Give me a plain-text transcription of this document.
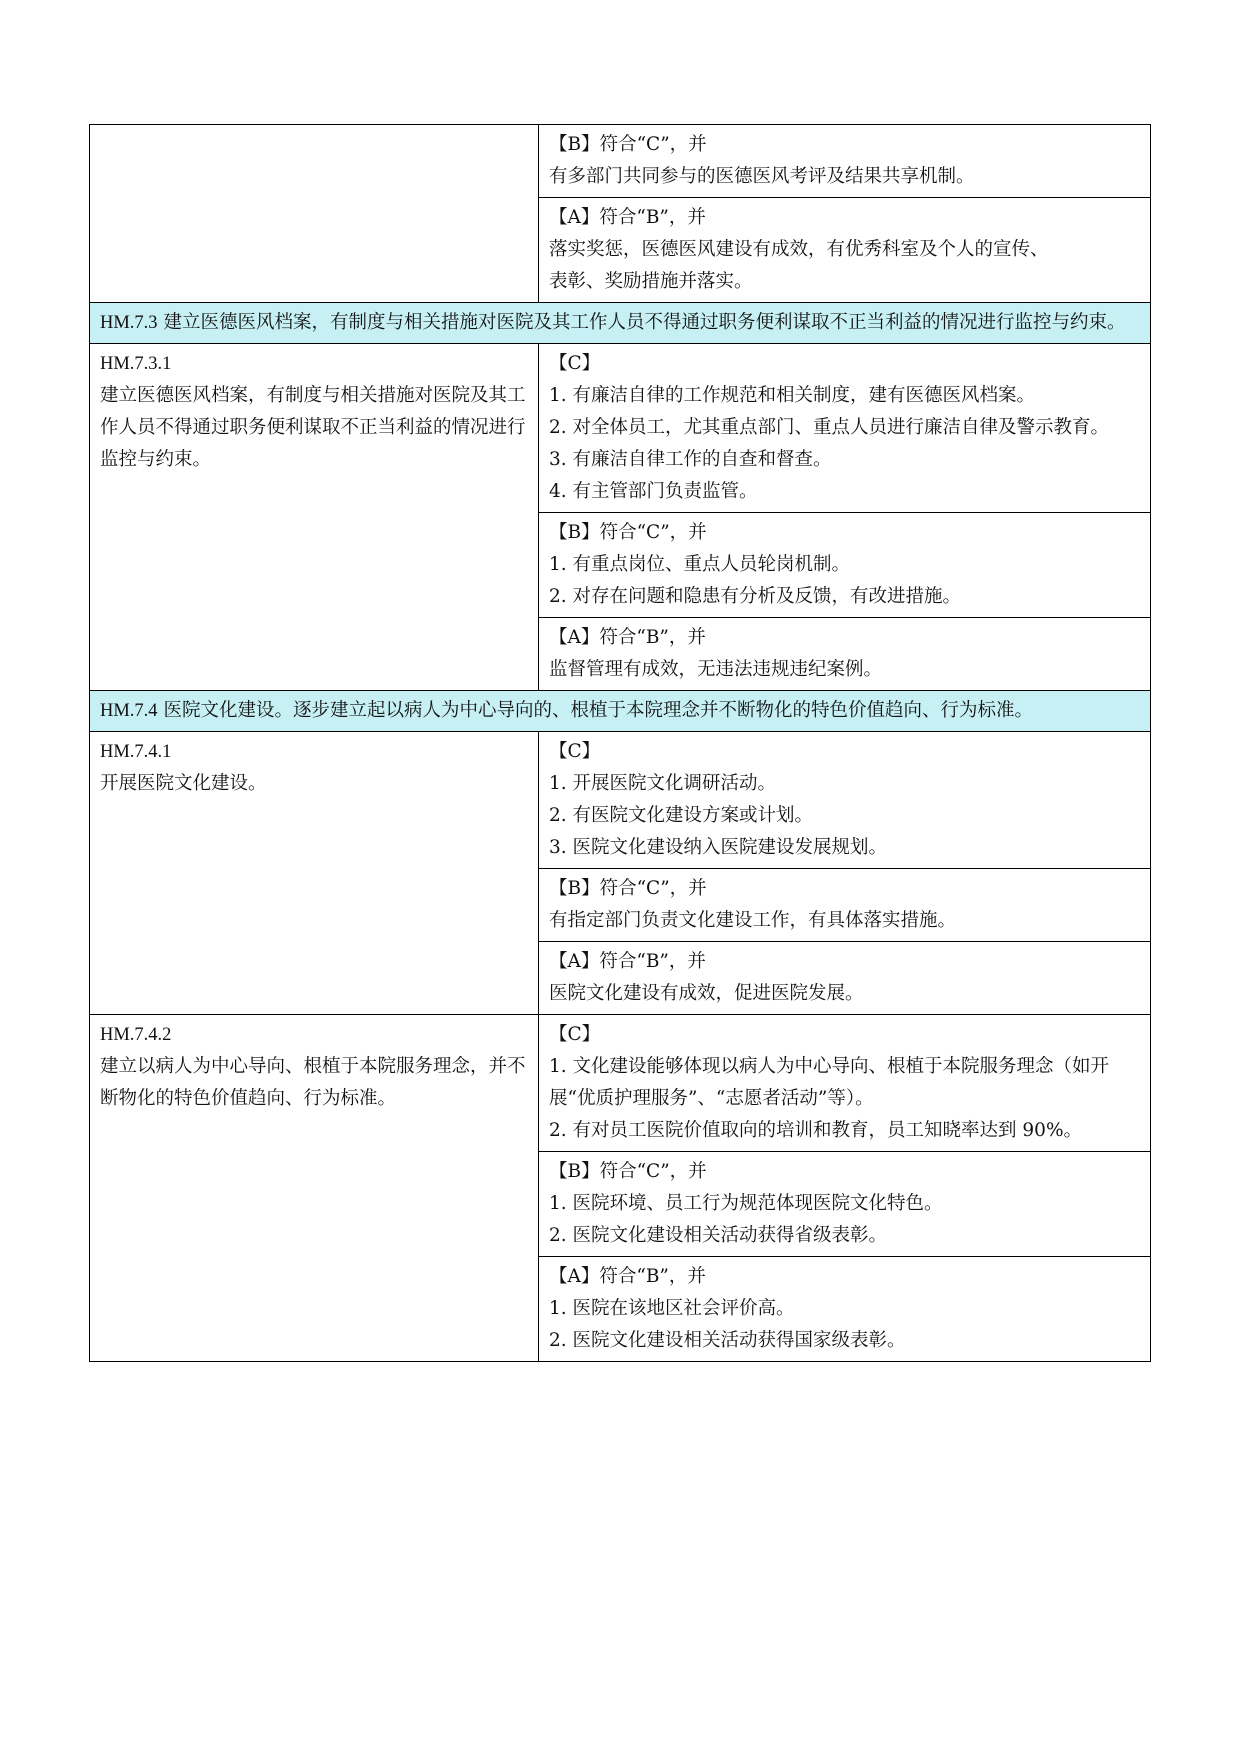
	【B】符合“C”，并
有多部门共同参与的医德医风考评及结果共享机制。

	【A】符合“B”，并
落实奖惩，医德医风建设有成效，有优秀科室及个人的宣传、
表彰、奖励措施并落实。

HM.7.3 建立医德医风档案，有制度与相关措施对医院及其工作人员不得通过职务便利谋取不正当利益的情况进行监控与约束。	

HM.7.3.1
建立医德医风档案，有制度与相关措施对医院及其工作人员不得通过职务便利谋取不正当利益的情况进行监控与约束。	【C】
1. 有廉洁自律的工作规范和相关制度，建有医德医风档案。
2. 对全体员工，尤其重点部门、重点人员进行廉洁自律及警示教育。
3. 有廉洁自律工作的自查和督查。
4. 有主管部门负责监管。

	【B】符合“C”，并
1. 有重点岗位、重点人员轮岗机制。
2. 对存在问题和隐患有分析及反馈，有改进措施。

	【A】符合“B”，并
监督管理有成效，无违法违规违纪案例。

HM.7.4 医院文化建设。逐步建立起以病人为中心导向的、根植于本院理念并不断物化的特色价值趋向、行为标准。	

HM.7.4.1
开展医院文化建设。	【C】
1. 开展医院文化调研活动。
2. 有医院文化建设方案或计划。
3. 医院文化建设纳入医院建设发展规划。

	【B】符合“C”，并
有指定部门负责文化建设工作，有具体落实措施。

	【A】符合“B”，并
医院文化建设有成效，促进医院发展。

HM.7.4.2
建立以病人为中心导向、根植于本院服务理念，并不断物化的特色价值趋向、行为标准。	【C】
1. 文化建设能够体现以病人为中心导向、根植于本院服务理念（如开展“优质护理服务”、“志愿者活动”等）。
2. 有对员工医院价值取向的培训和教育，员工知晓率达到 90%。

	【B】符合“C”，并
1. 医院环境、员工行为规范体现医院文化特色。
2. 医院文化建设相关活动获得省级表彰。

	【A】符合“B”，并
1. 医院在该地区社会评价高。
2. 医院文化建设相关活动获得国家级表彰。
